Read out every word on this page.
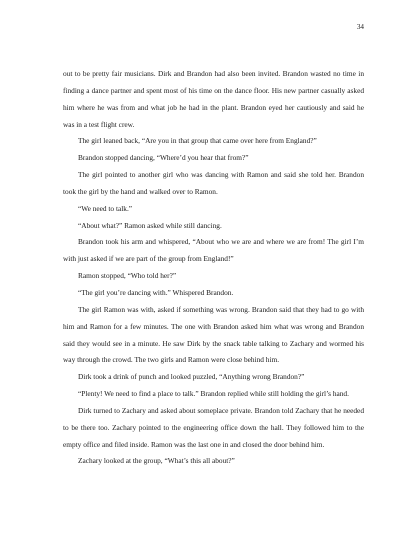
34

out to be pretty fair musicians. Dirk and Brandon had also been invited. Brandon wasted no time in finding a dance partner and spent most of his time on the dance floor. His new partner casually asked him where he was from and what job he had in the plant. Brandon eyed her cautiously and said he was in a test flight crew.

The girl leaned back, “Are you in that group that came over here from England?”

Brandon stopped dancing, “Where’d you hear that from?”

The girl pointed to another girl who was dancing with Ramon and said she told her. Brandon took the girl by the hand and walked over to Ramon.

“We need to talk.”

“About what?” Ramon asked while still dancing.

Brandon took his arm and whispered, “About who we are and where we are from! The girl I’m with just asked if we are part of the group from England!”

Ramon stopped, “Who told her?”

“The girl you’re dancing with.” Whispered Brandon.

The girl Ramon was with, asked if something was wrong. Brandon said that they had to go with him and Ramon for a few minutes. The one with Brandon asked him what was wrong and Brandon said they would see in a minute. He saw Dirk by the snack table talking to Zachary and wormed his way through the crowd. The two girls and Ramon were close behind him.

Dirk took a drink of punch and looked puzzled, “Anything wrong Brandon?”

“Plenty! We need to find a place to talk.” Brandon replied while still holding the girl’s hand.

Dirk turned to Zachary and asked about someplace private. Brandon told Zachary that he needed to be there too. Zachary pointed to the engineering office down the hall. They followed him to the empty office and filed inside. Ramon was the last one in and closed the door behind him.

Zachary looked at the group, “What’s this all about?”
